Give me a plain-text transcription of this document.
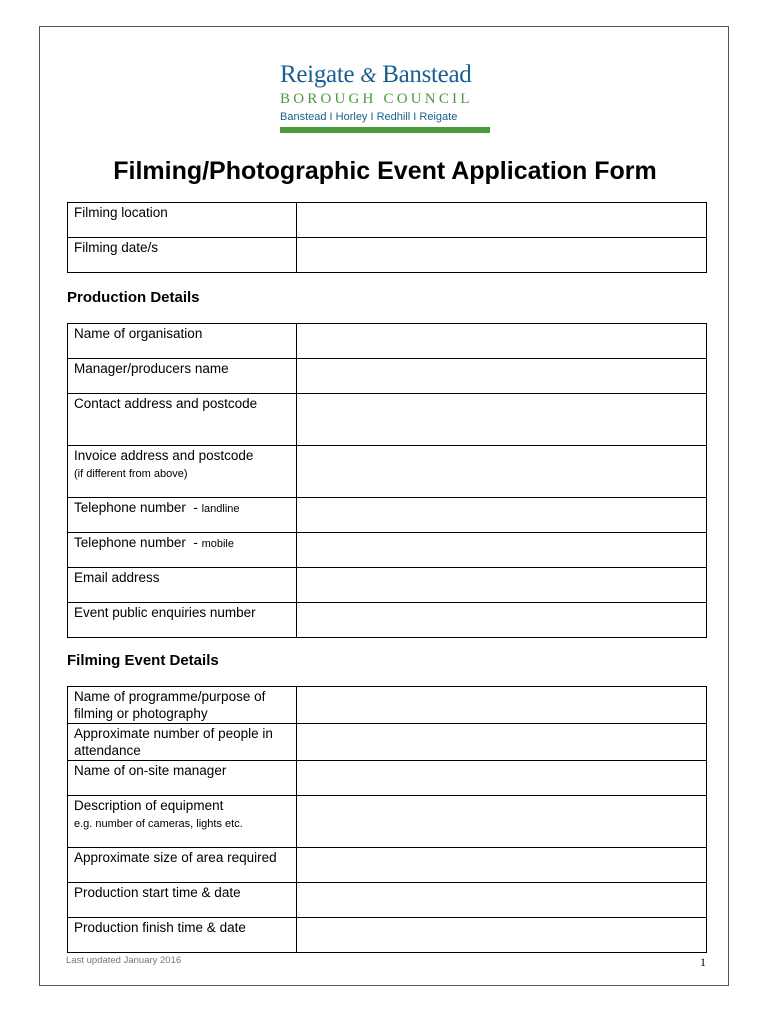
Reigate & Banstead
BOROUGH COUNCIL
Banstead I Horley I Redhill I Reigate
Filming/Photographic Event Application Form
Filming location	
Filming date/s	
Production Details
Name of organisation	
Manager/producers name	
Contact address and postcode	
Invoice address and postcode
(if different from above)	
Telephone number  - landline	
Telephone number  - mobile	
Email address	
Event public enquiries number	
Filming Event Details
Name of programme/purpose of filming or photography	
Approximate number of people in attendance	
Name of on-site manager	
Description of equipment
e.g. number of cameras, lights etc.	
Approximate size of area required	
Production start time & date	
Production finish time & date	
Last updated January 2016	1
